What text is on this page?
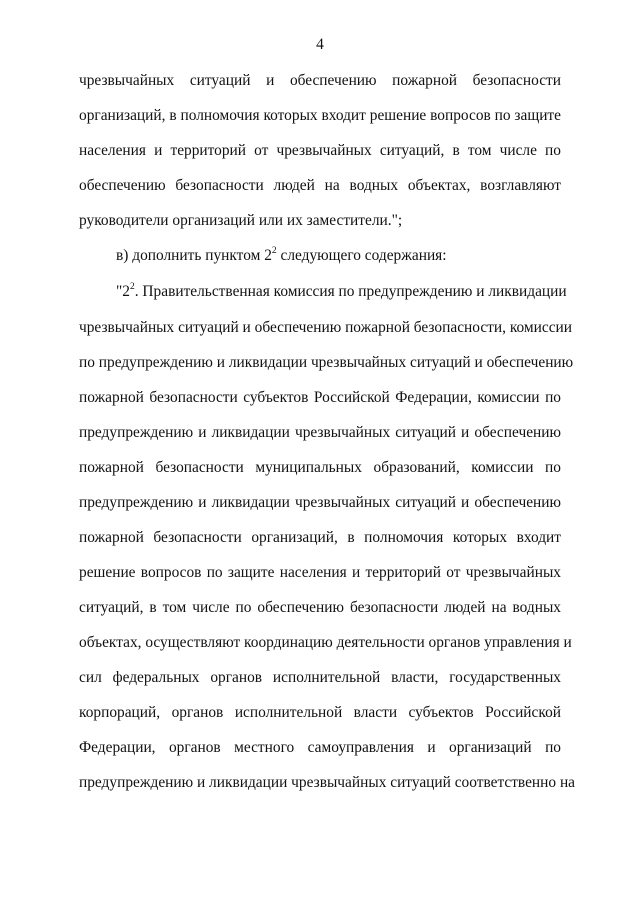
4
чрезвычайных ситуаций и обеспечению пожарной безопасности
организаций, в полномочия которых входит решение вопросов по защите
населения и территорий от чрезвычайных ситуаций, в том числе по
обеспечению безопасности людей на водных объектах, возглавляют
руководители организаций или их заместители.";
в) дополнить пунктом $2^2$ следующего содержания:
"$2^2$. Правительственная комиссия по предупреждению и ликвидации
чрезвычайных ситуаций и обеспечению пожарной безопасности, комиссии
по предупреждению и ликвидации чрезвычайных ситуаций и обеспечению
пожарной безопасности субъектов Российской Федерации, комиссии по
предупреждению и ликвидации чрезвычайных ситуаций и обеспечению
пожарной безопасности муниципальных образований, комиссии по
предупреждению и ликвидации чрезвычайных ситуаций и обеспечению
пожарной безопасности организаций, в полномочия которых входит
решение вопросов по защите населения и территорий от чрезвычайных
ситуаций, в том числе по обеспечению безопасности людей на водных
объектах, осуществляют координацию деятельности органов управления и
сил федеральных органов исполнительной власти, государственных
корпораций, органов исполнительной власти субъектов Российской
Федерации, органов местного самоуправления и организаций по
предупреждению и ликвидации чрезвычайных ситуаций соответственно на
